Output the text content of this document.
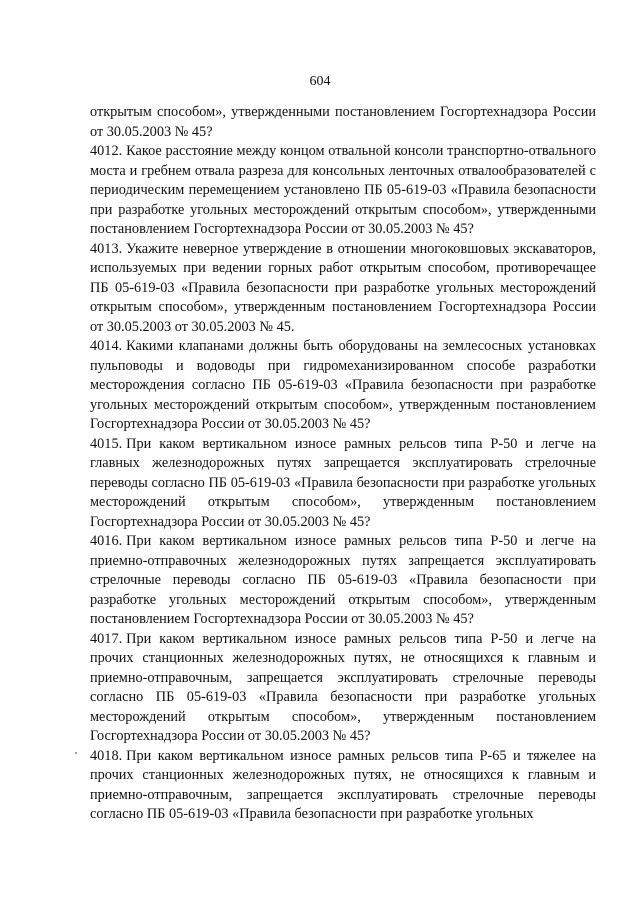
604

открытым способом», утвержденными постановлением Госгортехнадзора России от 30.05.2003 № 45?

4012. Какое расстояние между концом отвальной консоли транспортно-отвального моста и гребнем отвала разреза для консольных ленточных отвалообразователей с периодическим перемещением установлено ПБ 05-619-03 «Правила безопасности при разработке угольных месторождений открытым способом», утвержденными постановлением Госгортехнадзора России от 30.05.2003 № 45?

4013. Укажите неверное утверждение в отношении многоковшовых экскаваторов, используемых при ведении горных работ открытым способом, противоречащее ПБ 05-619-03 «Правила безопасности при разработке угольных месторождений открытым способом», утвержденным постановлением Госгортехнадзора России от 30.05.2003 от 30.05.2003 № 45.

4014. Какими клапанами должны быть оборудованы на землесосных установках пульповоды и водоводы при гидромеханизированном способе разработки месторождения согласно ПБ 05-619-03 «Правила безопасности при разработке угольных месторождений открытым способом», утвержденным постановлением Госгортехнадзора России от 30.05.2003 № 45?

4015. При каком вертикальном износе рамных рельсов типа Р-50 и легче на главных железнодорожных путях запрещается эксплуатировать стрелочные переводы согласно ПБ 05-619-03 «Правила безопасности при разработке угольных месторождений открытым способом», утвержденным постановлением Госгортехнадзора России от 30.05.2003 № 45?

4016. При каком вертикальном износе рамных рельсов типа Р-50 и легче на приемно-отправочных железнодорожных путях запрещается эксплуатировать стрелочные переводы согласно ПБ 05-619-03 «Правила безопасности при разработке угольных месторождений открытым способом», утвержденным постановлением Госгортехнадзора России от 30.05.2003 № 45?

4017. При каком вертикальном износе рамных рельсов типа Р-50 и легче на прочих станционных железнодорожных путях, не относящихся к главным и приемно-отправочным, запрещается эксплуатировать стрелочные переводы согласно ПБ 05-619-03 «Правила безопасности при разработке угольных месторождений открытым способом», утвержденным постановлением Госгортехнадзора России от 30.05.2003 № 45?

4018. При каком вертикальном износе рамных рельсов типа Р-65 и тяжелее на прочих станционных железнодорожных путях, не относящихся к главным и приемно-отправочным, запрещается эксплуатировать стрелочные переводы согласно ПБ 05-619-03 «Правила безопасности при разработке угольных
